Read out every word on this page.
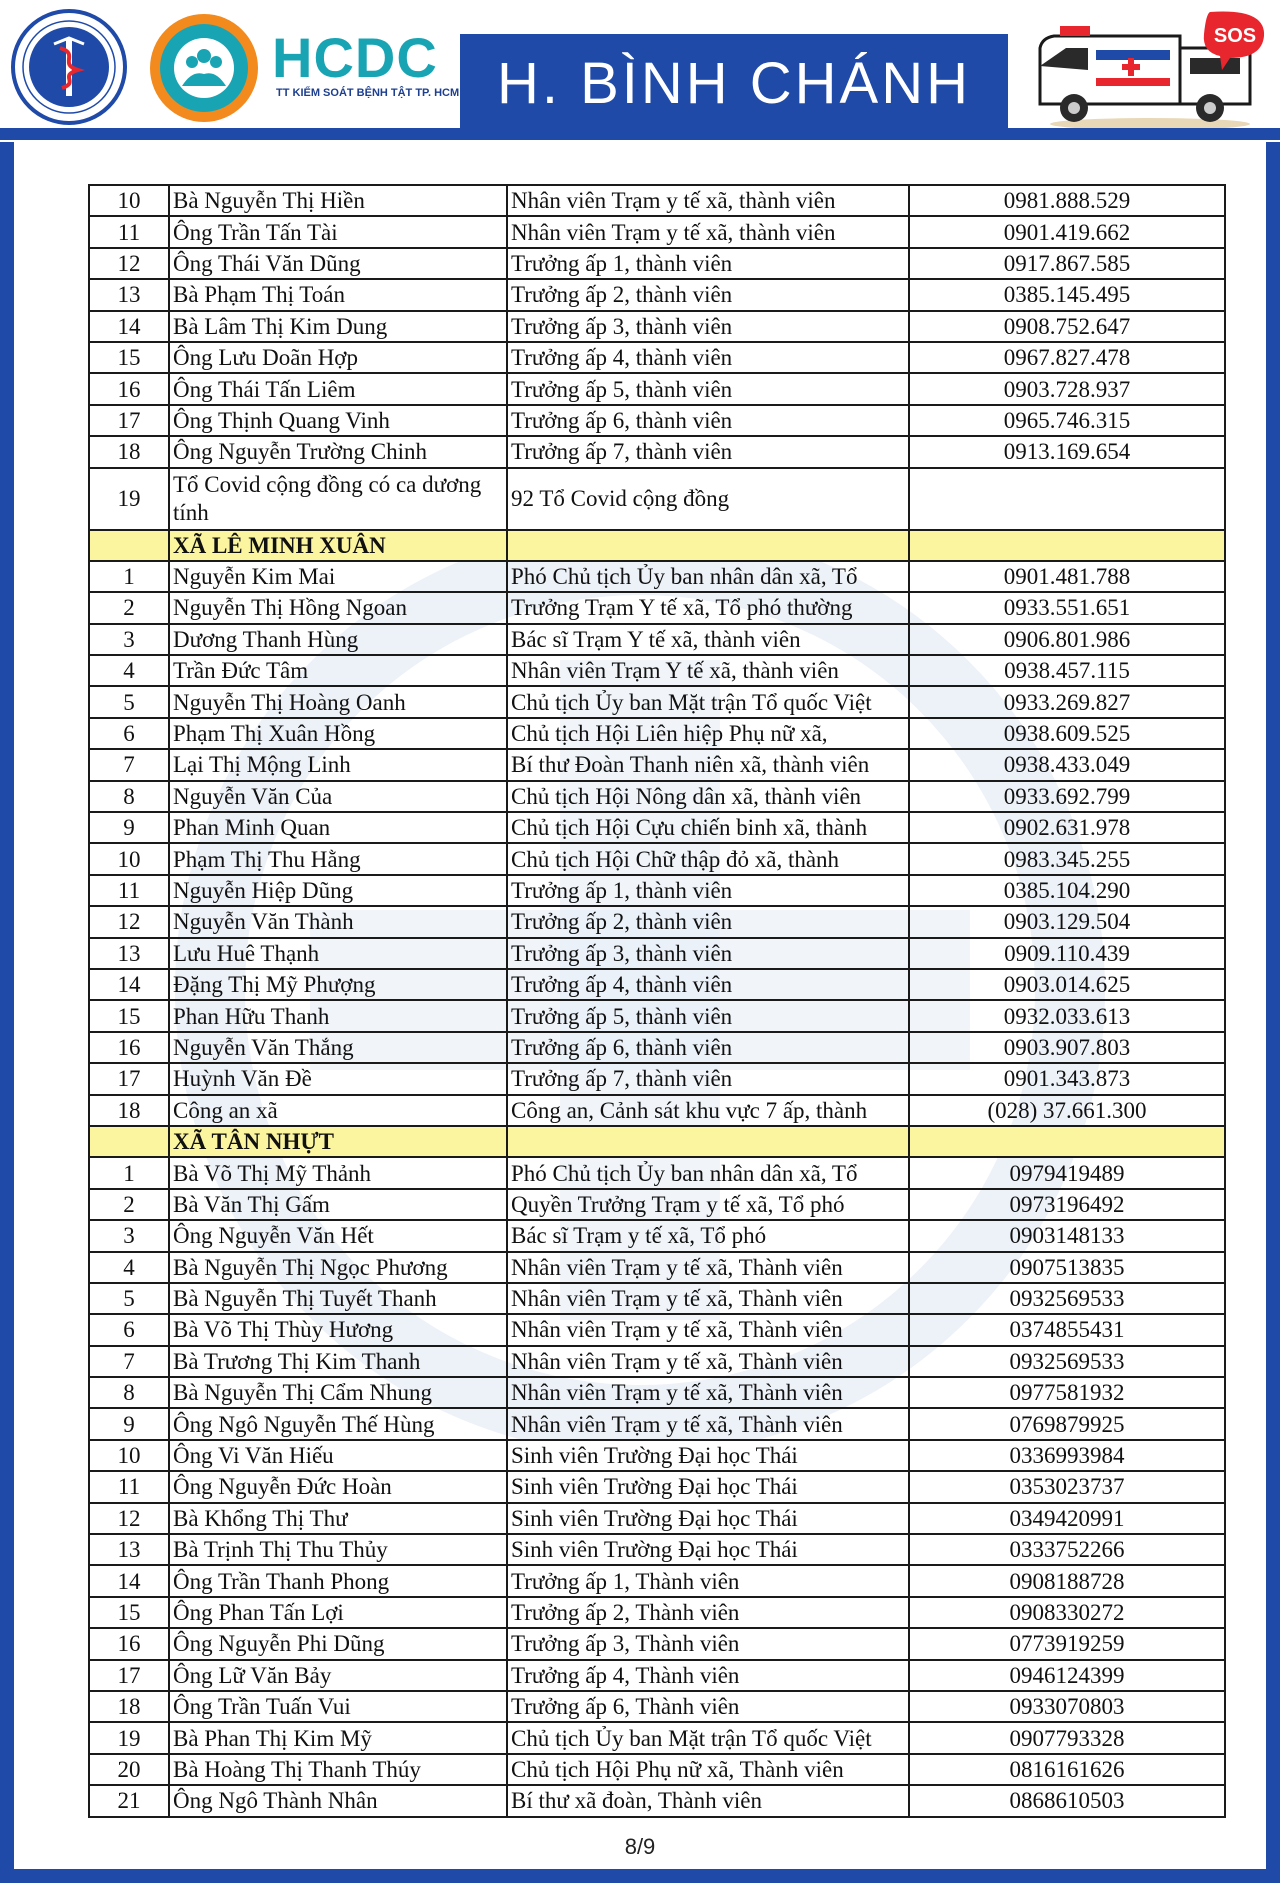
HCDC
TT KIỂM SOÁT BỆNH TẬT TP. HCM H. BÌNH CHÁNH
SOS
10	Bà Nguyễn Thị Hiền	Nhân viên Trạm y tế xã, thành viên	0981.888.529
11	Ông Trần Tấn Tài	Nhân viên Trạm y tế xã, thành viên	0901.419.662
12	Ông Thái Văn Dũng	Trưởng ấp 1, thành viên	0917.867.585
13	Bà Phạm Thị Toán	Trưởng ấp 2, thành viên	0385.145.495
14	Bà Lâm Thị Kim Dung	Trưởng ấp 3, thành viên	0908.752.647
15	Ông Lưu Doãn Hợp	Trưởng ấp 4, thành viên	0967.827.478
16	Ông Thái Tấn Liêm	Trưởng ấp 5, thành viên	0903.728.937
17	Ông Thịnh Quang Vinh	Trưởng ấp 6, thành viên	0965.746.315
18	Ông Nguyễn Trường Chinh	Trưởng ấp 7, thành viên	0913.169.654
19	Tổ Covid cộng đồng có ca dương tính	92 Tổ Covid cộng đồng	
	XÃ LÊ MINH XUÂN		
1	Nguyễn Kim Mai	Phó Chủ tịch Ủy ban nhân dân xã, Tổ	0901.481.788
2	Nguyễn Thị Hồng Ngoan	Trưởng Trạm Y tế xã, Tổ phó thường	0933.551.651
3	Dương Thanh Hùng	Bác sĩ Trạm Y tế xã, thành viên	0906.801.986
4	Trần Đức Tâm	Nhân viên Trạm Y tế xã, thành viên	0938.457.115
5	Nguyễn Thị Hoàng Oanh	Chủ tịch Ủy ban Mặt trận Tổ quốc Việt	0933.269.827
6	Phạm Thị Xuân Hồng	Chủ tịch Hội Liên hiệp Phụ nữ xã,	0938.609.525
7	Lại Thị Mộng Linh	Bí thư Đoàn Thanh niên xã, thành viên	0938.433.049
8	Nguyễn Văn Của	Chủ tịch Hội Nông dân xã, thành viên	0933.692.799
9	Phan Minh Quan	Chủ tịch Hội Cựu chiến binh xã, thành	0902.631.978
10	Phạm Thị Thu Hằng	Chủ tịch Hội Chữ thập đỏ xã, thành	0983.345.255
11	Nguyễn Hiệp Dũng	Trưởng ấp 1, thành viên	0385.104.290
12	Nguyễn Văn Thành	Trưởng ấp 2, thành viên	0903.129.504
13	Lưu Huê Thạnh	Trưởng ấp 3, thành viên	0909.110.439
14	Đặng Thị Mỹ Phượng	Trưởng ấp 4, thành viên	0903.014.625
15	Phan Hữu Thanh	Trưởng ấp 5, thành viên	0932.033.613
16	Nguyễn Văn Thắng	Trưởng ấp 6, thành viên	0903.907.803
17	Huỳnh Văn Đề	Trưởng ấp 7, thành viên	0901.343.873
18	Công an xã	Công an, Cảnh sát khu vực 7 ấp, thành	(028) 37.661.300
	XÃ TÂN NHỰT		
1	Bà Võ Thị Mỹ Thảnh	Phó Chủ tịch Ủy ban nhân dân xã, Tổ	0979419489
2	Bà Văn Thị Gấm	Quyền Trưởng Trạm y tế xã, Tổ phó	0973196492
3	Ông Nguyễn Văn Hết	Bác sĩ Trạm y tế xã, Tổ phó	0903148133
4	Bà Nguyễn Thị Ngọc Phương	Nhân viên Trạm y tế xã, Thành viên	0907513835
5	Bà Nguyễn Thị Tuyết Thanh	Nhân viên Trạm y tế xã, Thành viên	0932569533
6	Bà Võ Thị Thùy Hương	Nhân viên Trạm y tế xã, Thành viên	0374855431
7	Bà Trương Thị Kim Thanh	Nhân viên Trạm y tế xã, Thành viên	0932569533
8	Bà Nguyễn Thị Cẩm Nhung	Nhân viên Trạm y tế xã, Thành viên	0977581932
9	Ông Ngô Nguyễn Thế Hùng	Nhân viên Trạm y tế xã, Thành viên	0769879925
10	Ông Vi Văn Hiếu	Sinh viên Trường Đại học Thái	0336993984
11	Ông Nguyễn Đức Hoàn	Sinh viên Trường Đại học Thái	0353023737
12	Bà Khổng Thị Thư	Sinh viên Trường Đại học Thái	0349420991
13	Bà Trịnh Thị Thu Thủy	Sinh viên Trường Đại học Thái	0333752266
14	Ông Trần Thanh Phong	Trưởng ấp 1, Thành viên	0908188728
15	Ông Phan Tấn Lợi	Trưởng ấp 2, Thành viên	0908330272
16	Ông Nguyễn Phi Dũng	Trưởng ấp 3, Thành viên	0773919259
17	Ông Lữ Văn Bảy	Trưởng ấp 4, Thành viên	0946124399
18	Ông Trần Tuấn Vui	Trưởng ấp 6, Thành viên	0933070803
19	Bà Phan Thị Kim Mỹ	Chủ tịch Ủy ban Mặt trận Tổ quốc Việt	0907793328
20	Bà Hoàng Thị Thanh Thúy	Chủ tịch Hội Phụ nữ xã, Thành viên	0816161626
21	Ông Ngô Thành Nhân	Bí thư xã đoàn, Thành viên	0868610503
8/9
